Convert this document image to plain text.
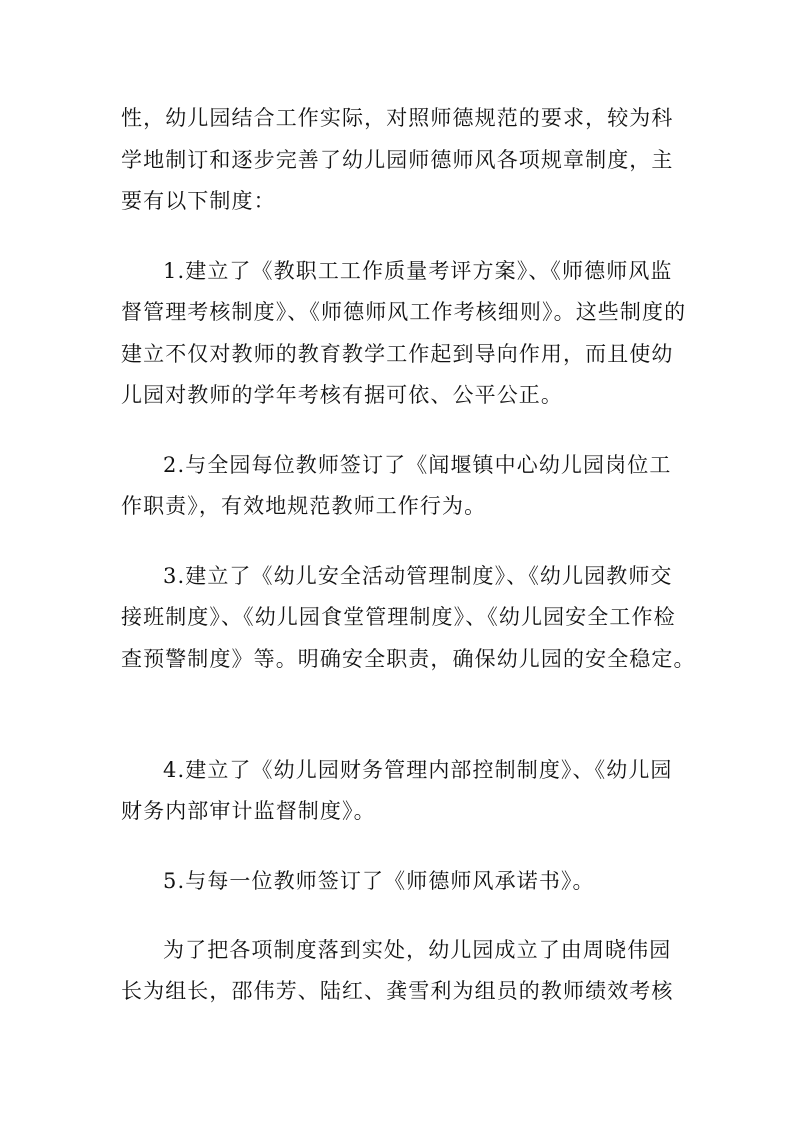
性，幼儿园结合工作实际，对照师德规范的要求，较为科
学地制订和逐步完善了幼儿园师德师风各项规章制度，主
要有以下制度：
1.建立了《教职工工作质量考评方案》、《师德师风监
督管理考核制度》、《师德师风工作考核细则》。这些制度的
建立不仅对教师的教育教学工作起到导向作用，而且使幼
儿园对教师的学年考核有据可依、公平公正。
2.与全园每位教师签订了《闻堰镇中心幼儿园岗位工
作职责》，有效地规范教师工作行为。
3.建立了《幼儿安全活动管理制度》、《幼儿园教师交
接班制度》、《幼儿园食堂管理制度》、《幼儿园安全工作检
查预警制度》等。明确安全职责，确保幼儿园的安全稳定。
4.建立了《幼儿园财务管理内部控制制度》、《幼儿园
财务内部审计监督制度》。
5.与每一位教师签订了《师德师风承诺书》。
为了把各项制度落到实处，幼儿园成立了由周晓伟园
长为组长，邵伟芳、陆红、龚雪利为组员的教师绩效考核
